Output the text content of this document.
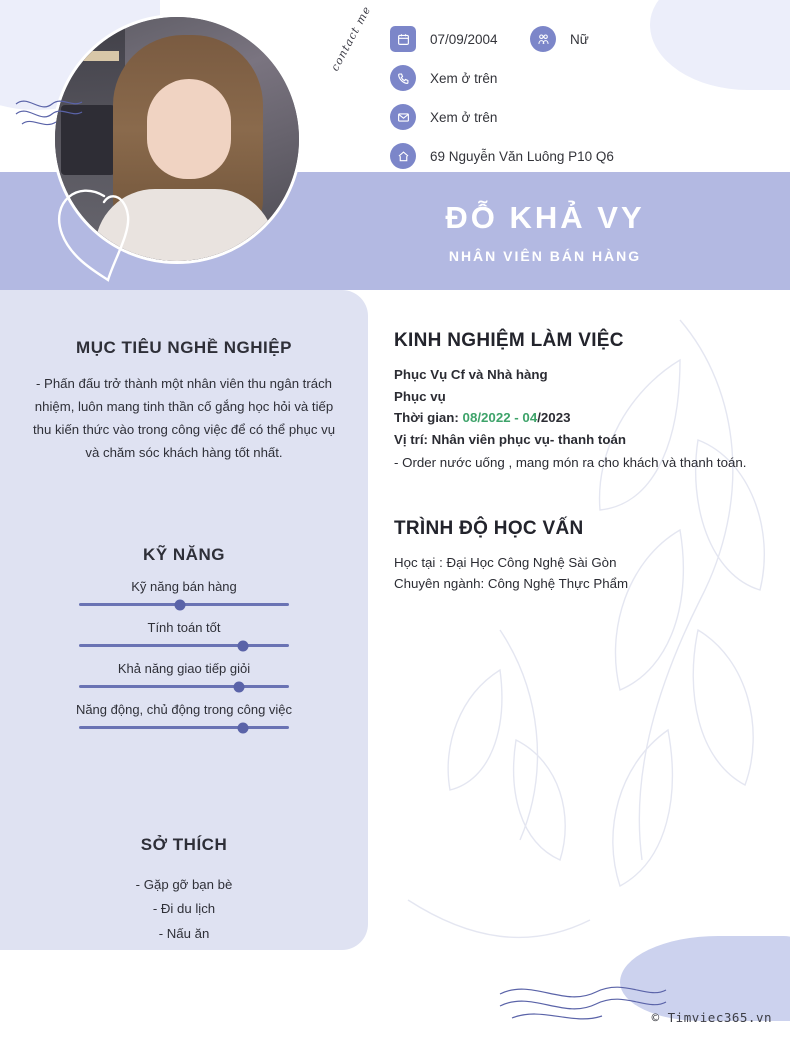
contact me	07/09/2004	Nữ
Xem ở trên
Xem ở trên
69 Nguyễn Văn Luông P10 Q6
ĐỖ KHẢ VY
NHÂN VIÊN BÁN HÀNG
MỤC TIÊU NGHỀ NGHIỆP
- Phấn đấu trở thành một nhân viên thu ngân trách nhiệm, luôn mang tinh thần cố gắng học hỏi và tiếp thu kiến thức vào trong công việc để có thể phục vụ và chăm sóc khách hàng tốt nhất.
KỸ NĂNG
Kỹ năng bán hàng
Tính toán tốt
Khả năng giao tiếp giỏi
Năng động, chủ động trong công việc
SỞ THÍCH
- Gặp gỡ bạn bè
- Đi du lịch
- Nấu ăn
KINH NGHIỆM LÀM VIỆC
Phục Vụ Cf và Nhà hàng
Phục vụ
Thời gian: 08/2022 - 04/2023
Vị trí: Nhân viên phục vụ- thanh toán
- Order nước uống , mang món ra cho khách và thanh toán.
TRÌNH ĐỘ HỌC VẤN
Học tại : Đại Học Công Nghệ Sài Gòn
Chuyên ngành: Công Nghệ Thực Phẩm
© Timviec365.vn
